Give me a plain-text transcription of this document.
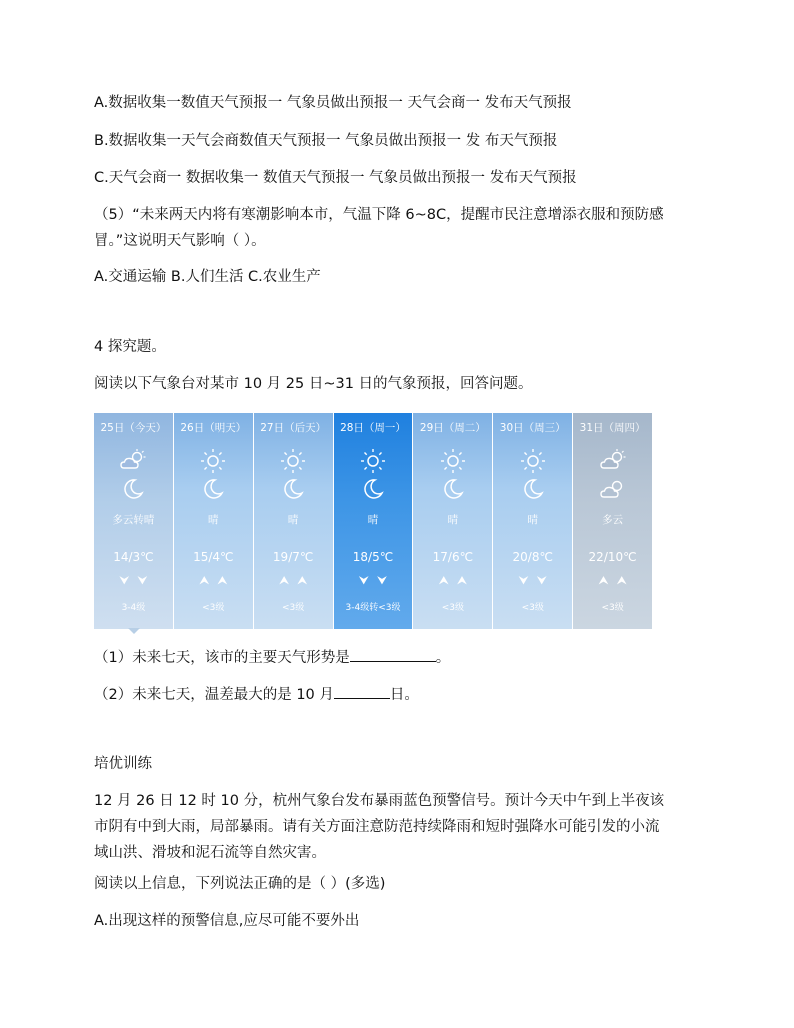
A.数据收集一数值天气预报一 气象员做出预报一 天气会商一 发布天气预报
B.数据收集一天气会商数值天气预报一 气象员做出预报一 发 布天气预报
C.天气会商一 数据收集一 数值天气预报一 气象员做出预报一 发布天气预报
（5）“未来两天内将有寒潮影响本市，气温下降 6~8C，提醒市民注意增添衣服和预防感
冒。”这说明天气影响（ ）。
A.交通运输 B.人们生活 C.农业生产
4 探究题。
阅读以下气象台对某市 10 月 25 日~31 日的气象预报，回答问题。
25日（今天）
多云转晴
14/3℃
⮟⮟
3-4级
26日（明天）
晴
15/4℃
⮝⮝
<3级
27日（后天）
晴
19/7℃
⮝⮝
<3级
28日（周一）
晴
18/5℃
⮟⮟
3-4级转<3级
29日（周二）
晴
17/6℃
⮝⮝
<3级
30日（周三）
晴
20/8℃
⮟⮟
<3级
31日（周四）
多云
22/10℃
⮝⮝
<3级
（1）未来七天，该市的主要天气形势是	。
（2）未来七天，温差最大的是 10 月	日。
培优训练
12 月 26 日 12 时 10 分，杭州气象台发布暴雨蓝色预警信号。预计今天中午到上半夜该
市阴有中到大雨，局部暴雨。请有关方面注意防范持续降雨和短时强降水可能引发的小流
域山洪、滑坡和泥石流等自然灾害。
阅读以上信息，下列说法正确的是（ ）(多选)
A.出现这样的预警信息,应尽可能不要外出
